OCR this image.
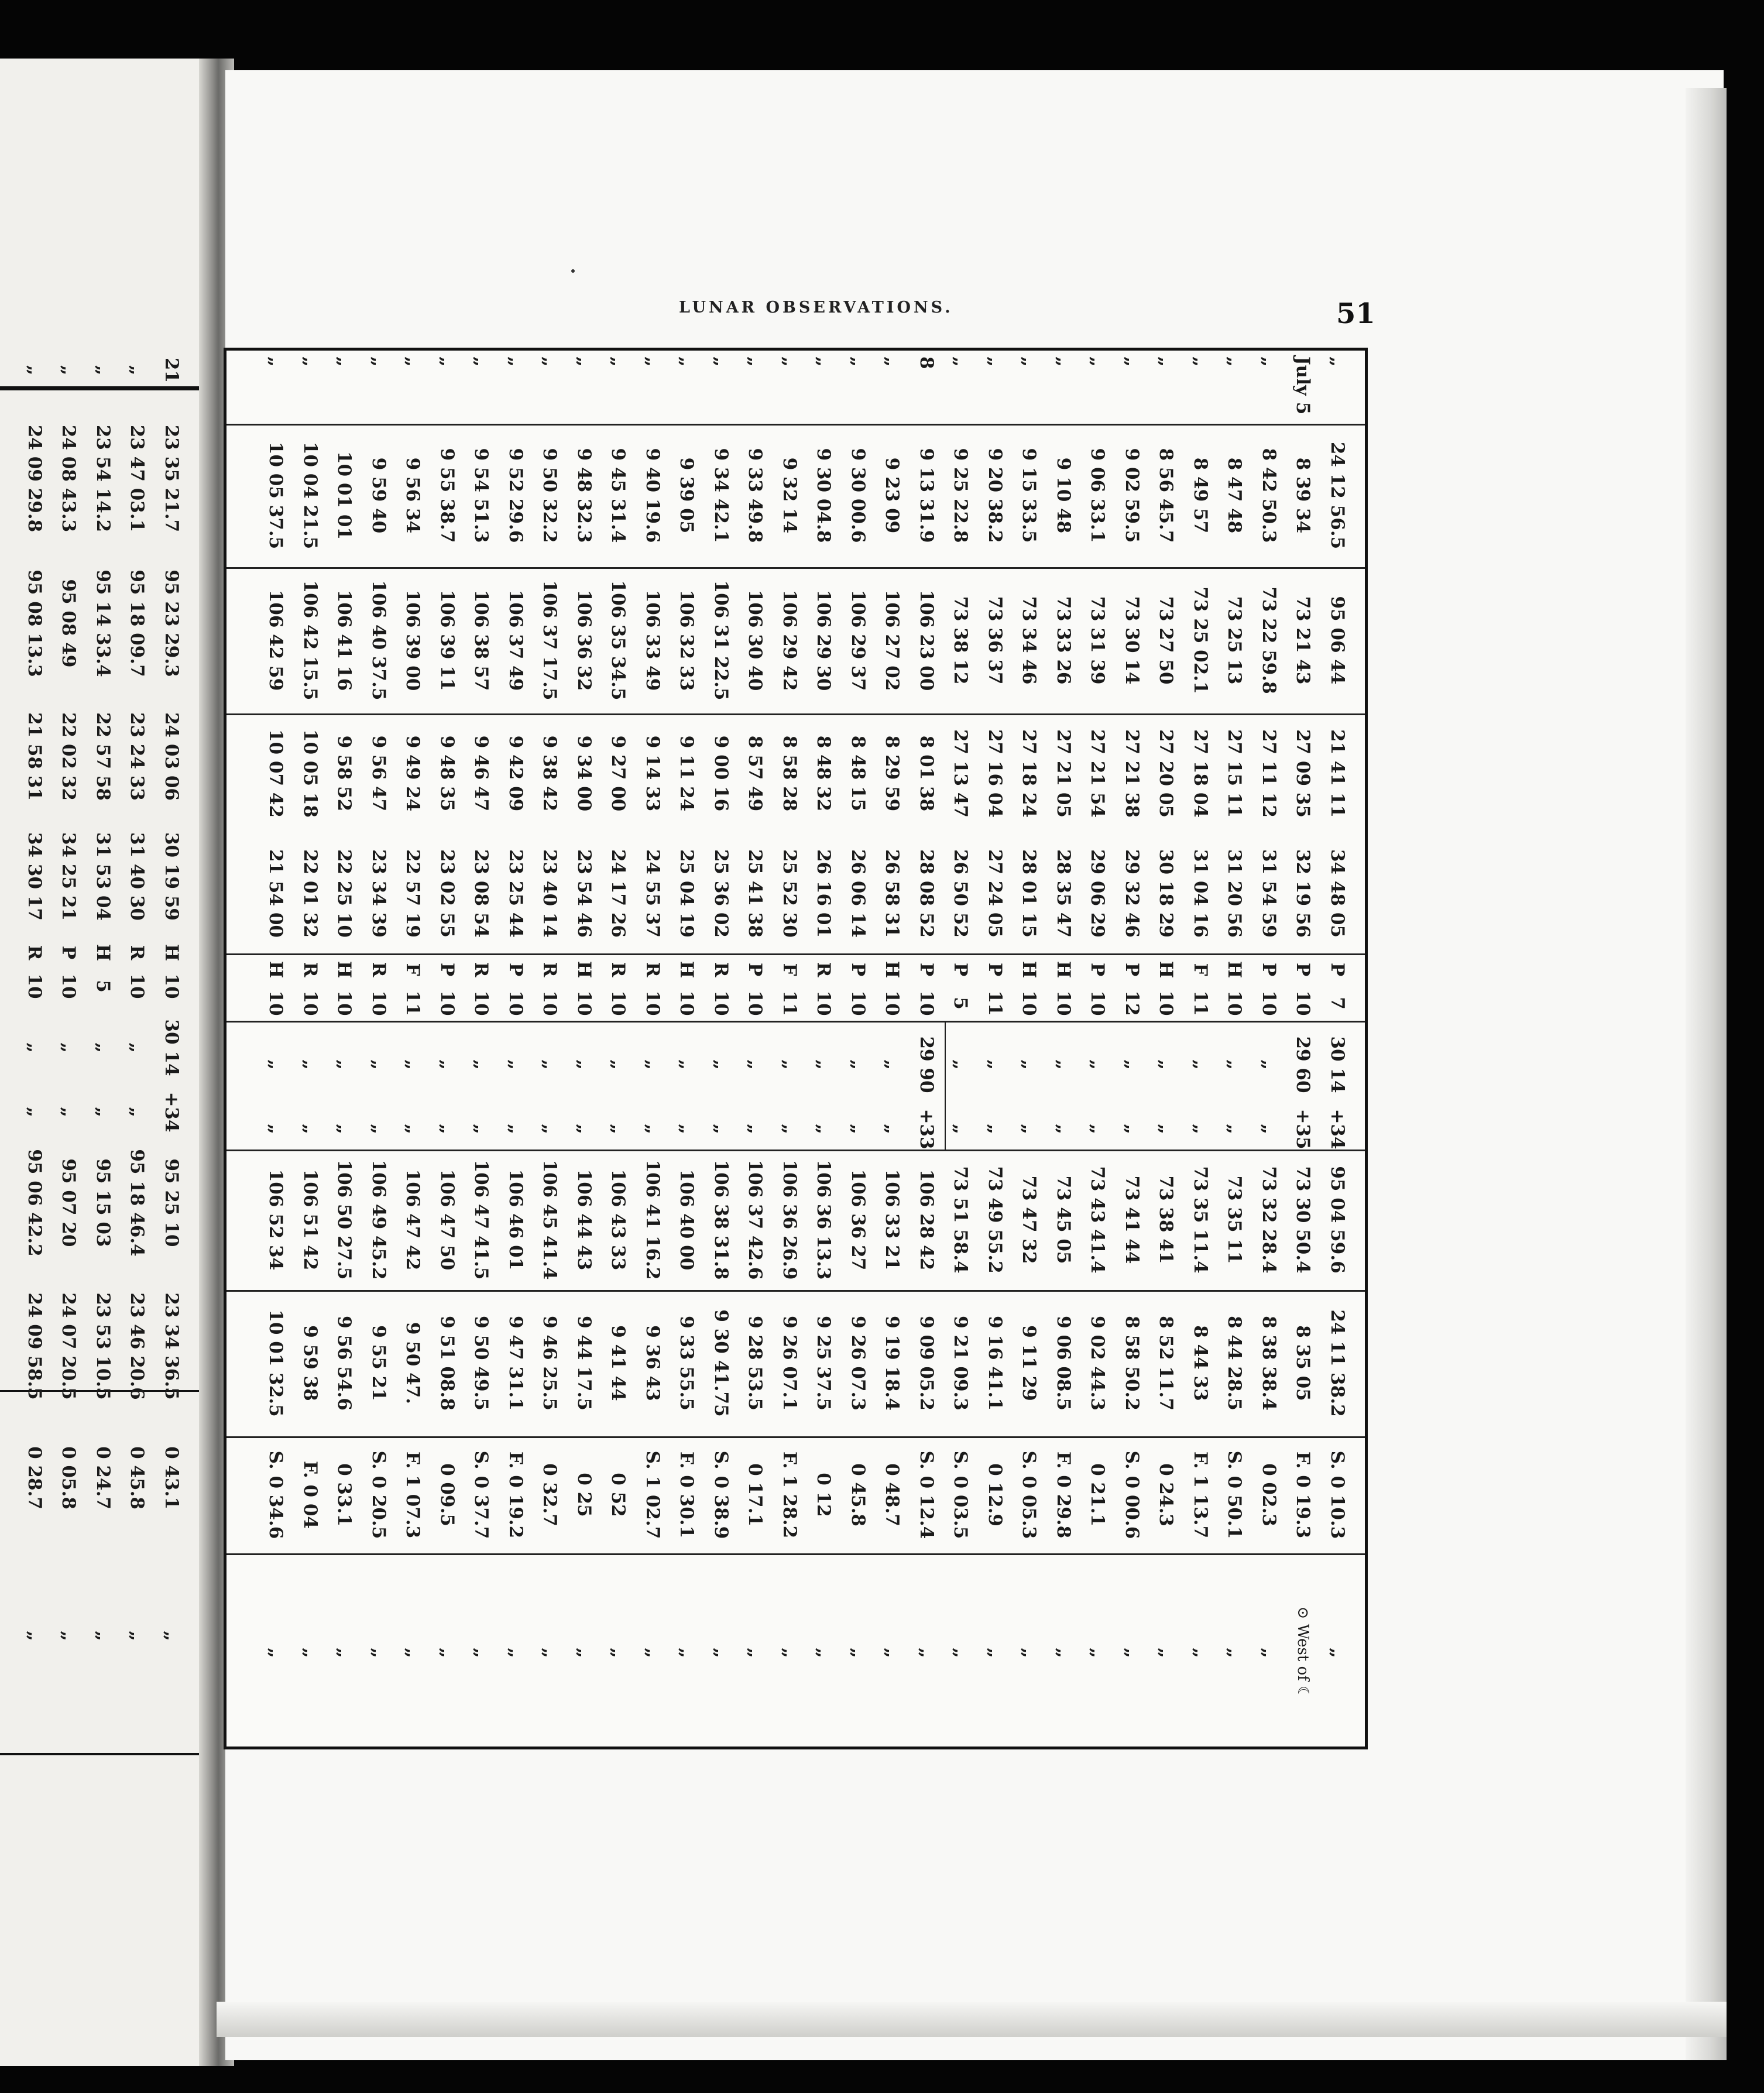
21
„
„
„
„
23 35 21.7
23 47 03.1
23 54 14.2
24 08 43.3
24 09 29.8
95 23 29.3
95 18 09.7
95 14 33.4
95 08 49
95 08 13.3
24 03 06
23 24 33
22 57 58
22 02 32
21 58 31
30 19 59
31 40 30
31 53 04
34 25 21
34 30 17
H
R
H
P
R
10
10
5
10
10
30 14
„
„
„
„
+34
„
„
„
„
95 25 10
95 18 46.4
95 15 03
95 07 20
95 06 42.2
23 34 36.5
23 46 20.6
23 53 10.5
24 07 20.5
24 09 58.5
0 43.1
0 45.8
0 24.7
0 05.8
0 28.7
„
„
„
„
„
LUNAR OBSERVATIONS.	51
„
July 5
„
„
„
„
„
„
„
„
„
„
8
„
„
„
„
„
„
„
„
„
„
„
„
„
„
„
„
„
„
„
24 12 56.5
8 39 34
8 42 50.3
8 47 48
8 49 57
8 56 45.7
9 02 59.5
9 06 33.1
9 10 48
9 15 33.5
9 20 38.2
9 25 22.8
9 13 31.9
9 23 09
9 30 00.6
9 30 04.8
9 32 14
9 33 49.8
9 34 42.1
9 39 05
9 40 19.6
9 45 31.4
9 48 32.3
9 50 32.2
9 52 29.6
9 54 51.3
9 55 38.7
9 56 34
9 59 40
10 01 01
10 04 21.5
10 05 37.5
95 06 44
73 21 43
73 22 59.8
73 25 13
73 25 02.1
73 27 50
73 30 14
73 31 39
73 33 26
73 34 46
73 36 37
73 38 12
106 23 00
106 27 02
106 29 37
106 29 30
106 29 42
106 30 40
106 31 22.5
106 32 33
106 33 49
106 35 34.5
106 36 32
106 37 17.5
106 37 49
106 38 57
106 39 11
106 39 00
106 40 37.5
106 41 16
106 42 15.5
106 42 59
21 41 11
27 09 35
27 11 12
27 15 11
27 18 04
27 20 05
27 21 38
27 21 54
27 21 05
27 18 24
27 16 04
27 13 47
8 01 38
8 29 59
8 48 15
8 48 32
8 58 28
8 57 49
9 00 16
9 11 24
9 14 33
9 27 00
9 34 00
9 38 42
9 42 09
9 46 47
9 48 35
9 49 24
9 56 47
9 58 52
10 05 18
10 07 42
34 48 05
32 19 56
31 54 59
31 20 56
31 04 16
30 18 29
29 32 46
29 06 29
28 35 47
28 01 15
27 24 05
26 50 52
28 08 52
26 58 31
26 06 14
26 16 01
25 52 30
25 41 38
25 36 02
25 04 19
24 55 37
24 17 26
23 54 46
23 40 14
23 25 44
23 08 54
23 02 55
22 57 19
23 34 39
22 25 10
22 01 32
21 54 00
P
P
P
H
F
H
P
P
H
H
P
P
P
H
P
R
F
P
R
H
R
R
H
R
P
R
P
F
R
H
R
H
7
10
10
10
11
10
12
10
10
10
11
5
10
10
10
10
11
10
10
10
10
10
10
10
10
10
10
11
10
10
10
10
30 14
29 60
„
„
„
„
„
„
„
„
„
„
29 90
„
„
„
„
„
„
„
„
„
„
„
„
„
„
„
„
„
„
„
+34
+35
„
„
„
„
„
„
„
„
„
„
+33
„
„
„
„
„
„
„
„
„
„
„
„
„
„
„
„
„
„
„
95 04 59.6
73 30 50.4
73 32 28.4
73 35 11
73 35 11.4
73 38 41
73 41 44
73 43 41.4
73 45 05
73 47 32
73 49 55.2
73 51 58.4
106 28 42
106 33 21
106 36 27
106 36 13.3
106 36 26.9
106 37 42.6
106 38 31.8
106 40 00
106 41 16.2
106 43 33
106 44 43
106 45 41.4
106 46 01
106 47 41.5
106 47 50
106 47 42
106 49 45.2
106 50 27.5
106 51 42
106 52 34
24 11 38.2
8 35 05
8 38 38.4
8 44 28.5
8 44 33
8 52 11.7
8 58 50.2
9 02 44.3
9 06 08.5
9 11 29
9 16 41.1
9 21 09.3
9 09 05.2
9 19 18.4
9 26 07.3
9 25 37.5
9 26 07.1
9 28 53.5
9 30 41.75
9 33 55.5
9 36 43
9 41 44
9 44 17.5
9 46 25.5
9 47 31.1
9 50 49.5
9 51 08.8
9 50 47.
9 55 21
9 56 54.6
9 59 38
10 01 32.5
S. 0 10.3
F. 0 19.3
0 02.3
S. 0 50.1
F. 1 13.7
0 24.3
S. 0 00.6
0 21.1
F. 0 29.8
S. 0 05.3
0 12.9
S. 0 03.5
S. 0 12.4
0 48.7
0 45.8
0 12
F. 1 28.2
0 17.1
S. 0 38.9
F. 0 30.1
S. 1 02.7
0 52
0 25
0 32.7
F. 0 19.2
S. 0 37.7
0 09.5
F. 1 07.3
S. 0 20.5
0 33.1
F. 0 04
S. 0 34.6
„
⊙ West of ☾
„
„
„
„
„
„
„
„
„
„
„
„
„
„
„
„
„
„
„
„
„
„
„
„
„
„
„
„
„
„
